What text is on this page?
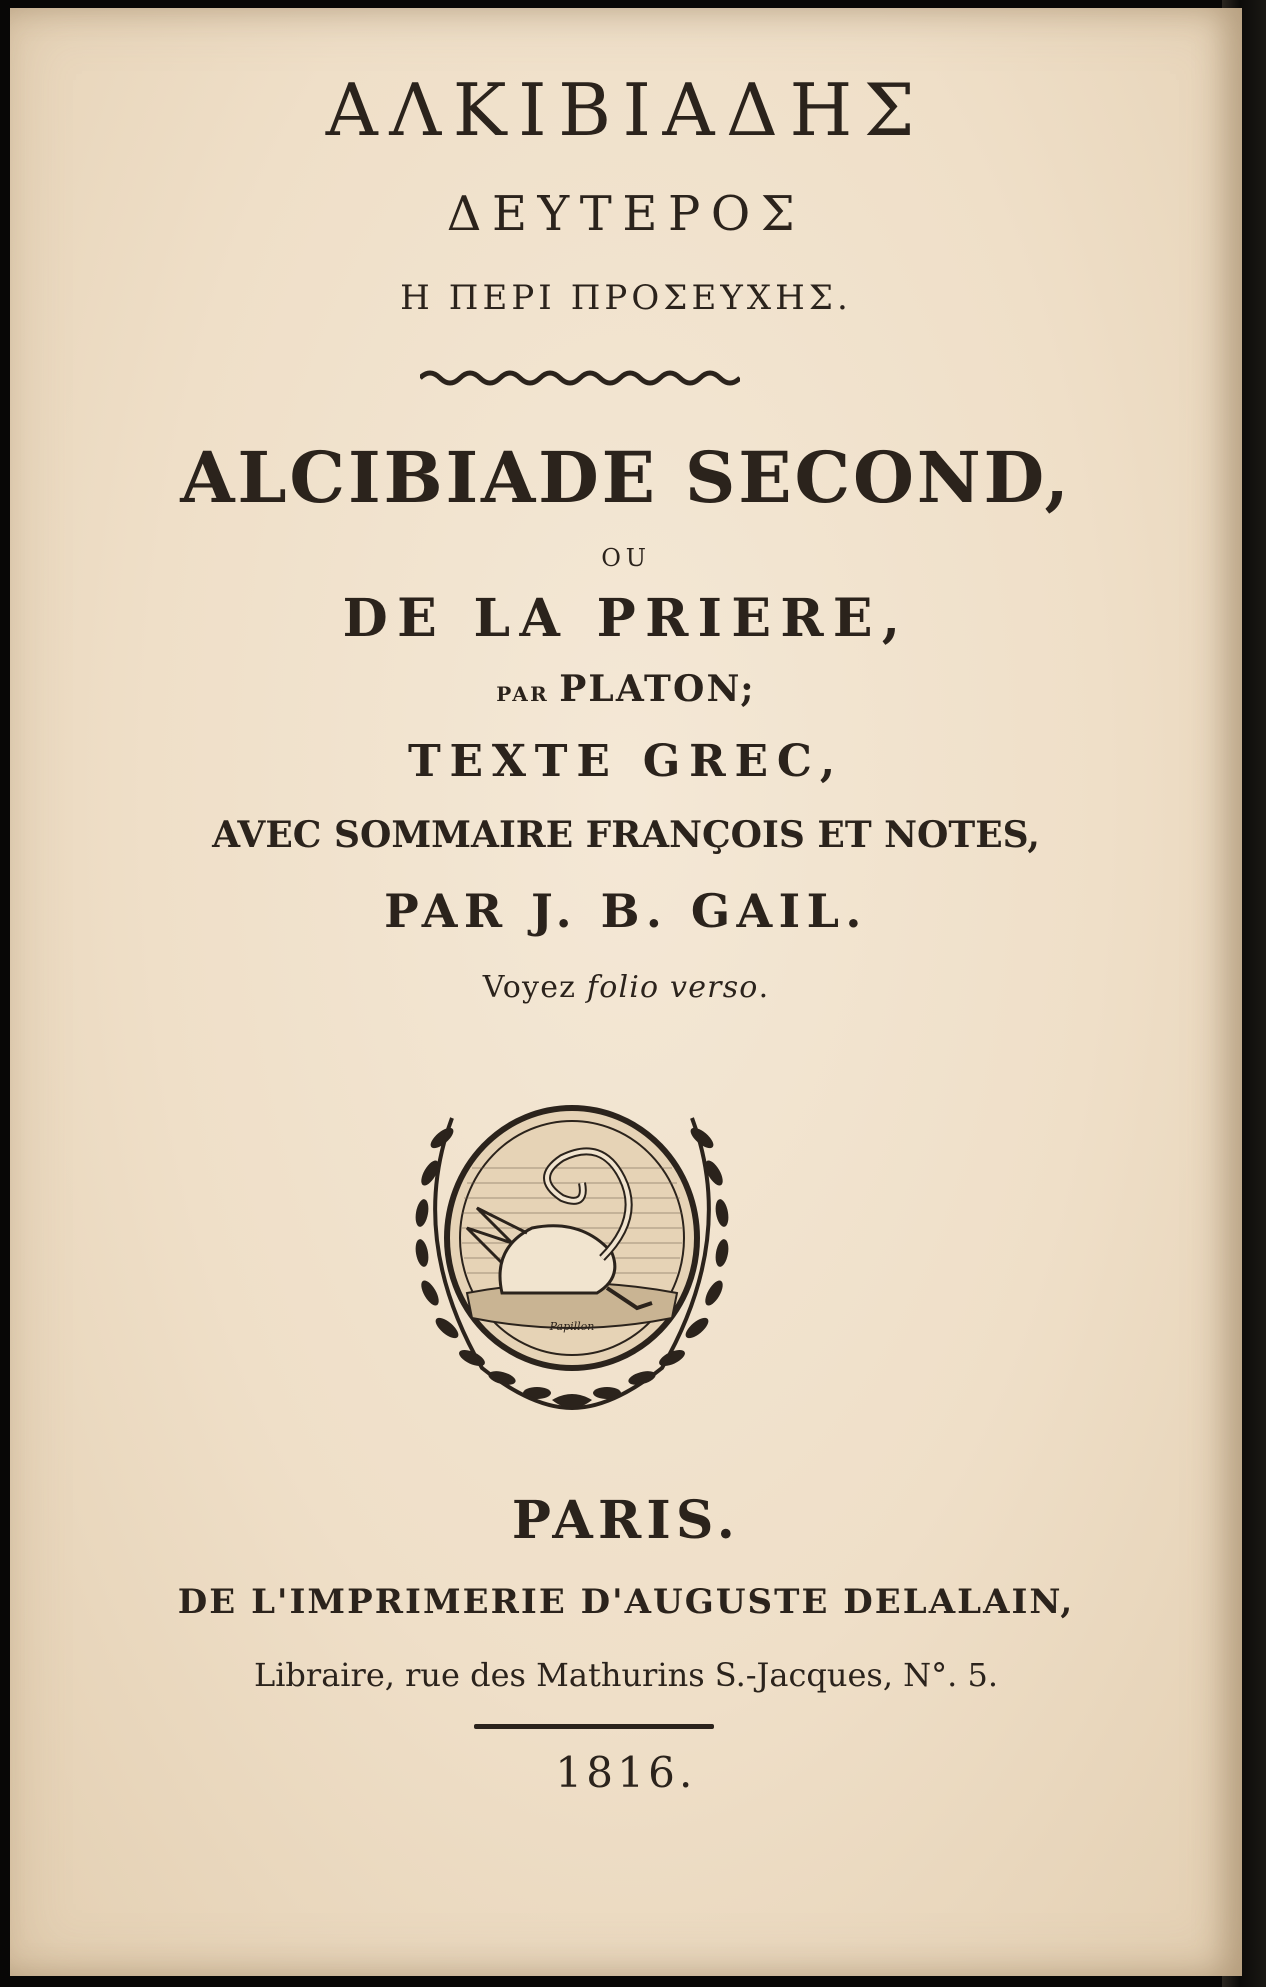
ΑΛΚΙΒΙΑΔΗΣ
ΔΕΥΤΕΡΟΣ
Η ΠΕΡΙ ΠΡΟΣΕΥΧΗΣ.
ALCIBIADE SECOND,
OU
DE LA PRIERE,
PAR PLATON;
TEXTE GREC,
AVEC SOMMAIRE FRANÇOIS ET NOTES,
PAR J. B. GAIL.
Voyez folio verso.
Papillon
PARIS.
DE L'IMPRIMERIE D'AUGUSTE DELALAIN,
Libraire, rue des Mathurins S.-Jacques, N°. 5.
1816.
